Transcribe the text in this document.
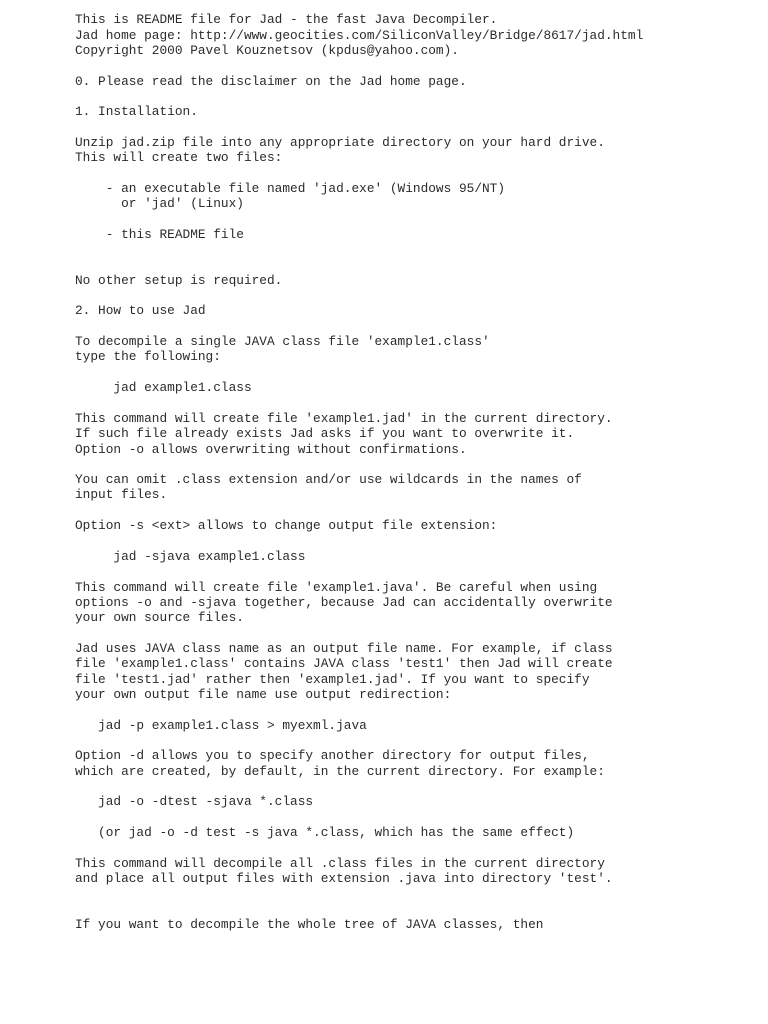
This is README file for Jad - the fast Java Decompiler.

Jad home page: http://www.geocities.com/SiliconValley/Bridge/8617/jad.html

Copyright 2000 Pavel Kouznetsov (kpdus@yahoo.com).

0. Please read the disclaimer on the Jad home page.

1. Installation.

Unzip jad.zip file into any appropriate directory on your hard drive.

This will create two files:

- an executable file named 'jad.exe' (Windows 95/NT)

or 'jad' (Linux)

- this README file

No other setup is required.

2. How to use Jad

To decompile a single JAVA class file 'example1.class'

type the following:

jad example1.class

This command will create file 'example1.jad' in the current directory.

If such file already exists Jad asks if you want to overwrite it.

Option -o allows overwriting without confirmations.

You can omit .class extension and/or use wildcards in the names of

input files.

Option -s <ext> allows to change output file extension:

jad -sjava example1.class

This command will create file 'example1.java'. Be careful when using

options -o and -sjava together, because Jad can accidentally overwrite

your own source files.

Jad uses JAVA class name as an output file name. For example, if class

file 'example1.class' contains JAVA class 'test1' then Jad will create

file 'test1.jad' rather then 'example1.jad'. If you want to specify

your own output file name use output redirection:

jad -p example1.class > myexml.java

Option -d allows you to specify another directory for output files,

which are created, by default, in the current directory. For example:

jad -o -dtest -sjava *.class

(or jad -o -d test -s java *.class, which has the same effect)

This command will decompile all .class files in the current directory

and place all output files with extension .java into directory 'test'.

If you want to decompile the whole tree of JAVA classes, then
